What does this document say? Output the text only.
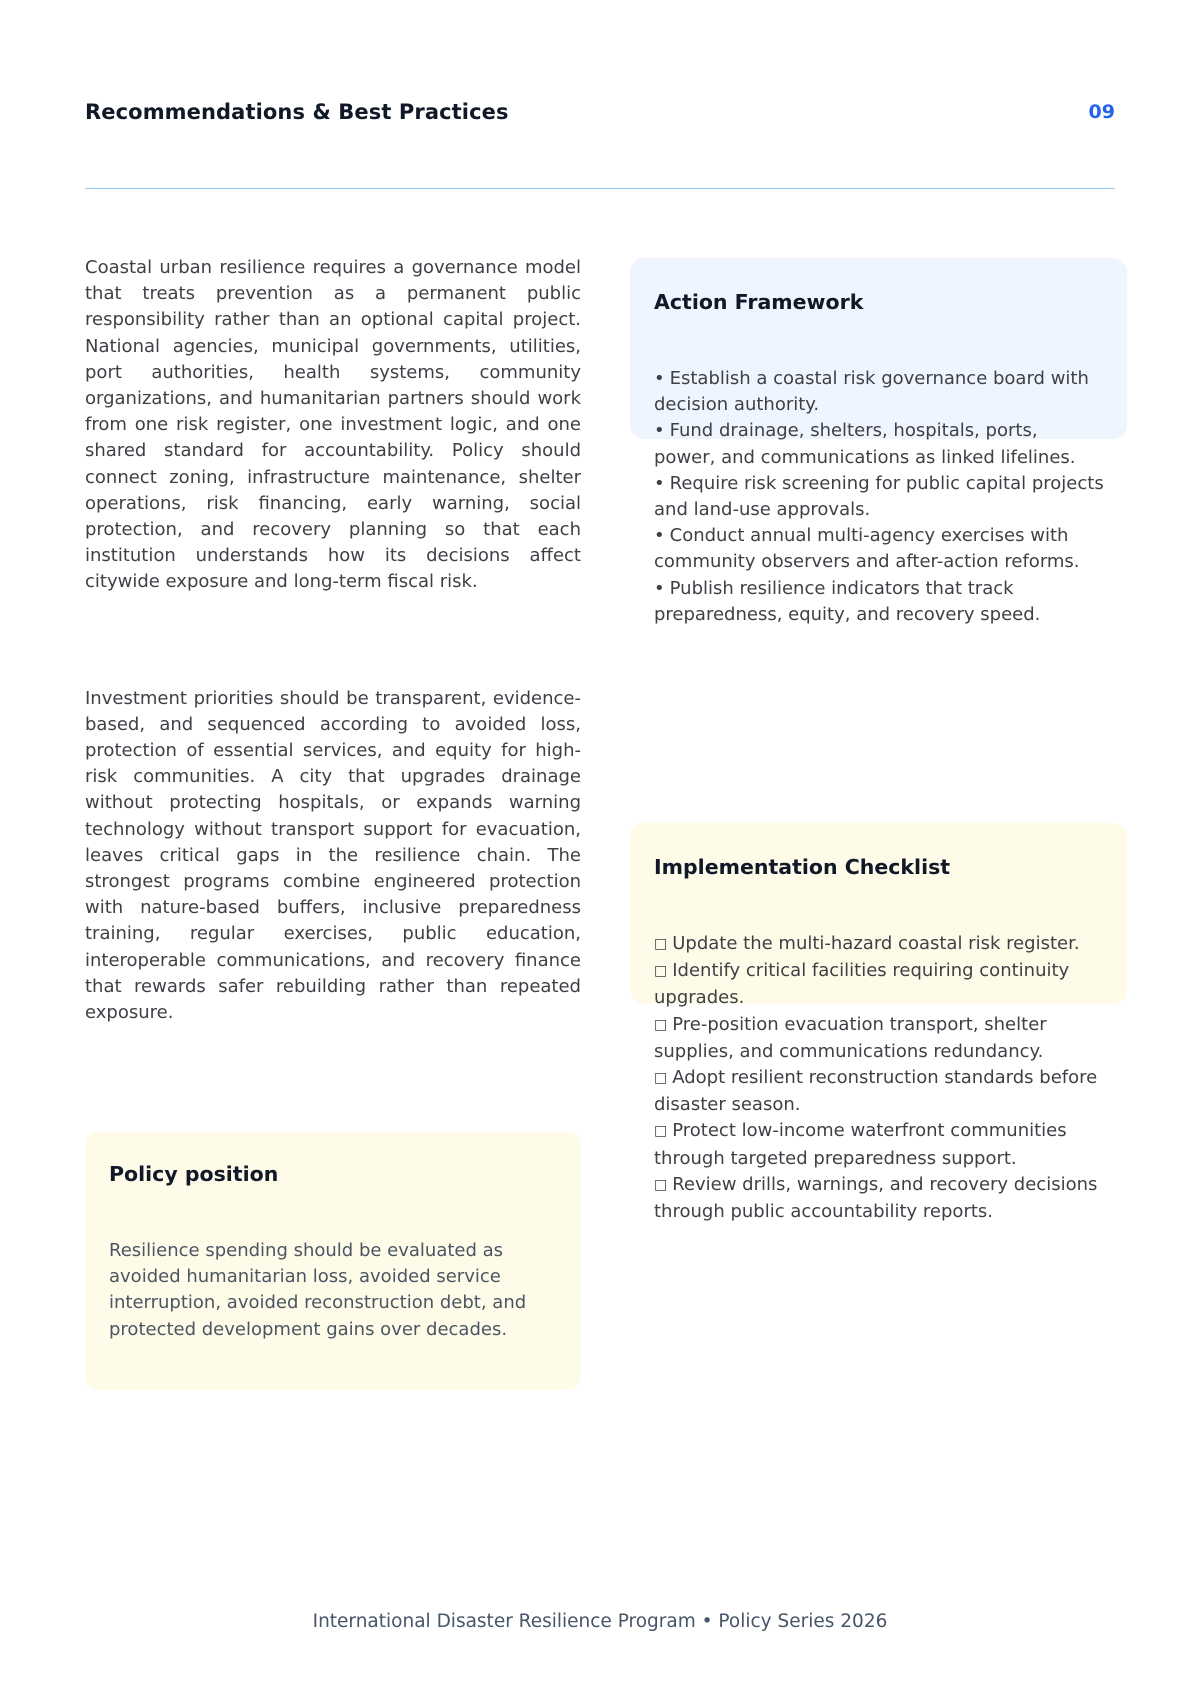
Recommendations & Best Practices	09

Coastal urban resilience requires a governance model that treats prevention as a permanent public responsibility rather than an optional capital project. National agencies, municipal governments, utilities, port authorities, health systems, community organizations, and humanitarian partners should work from one risk register, one investment logic, and one shared standard for accountability. Policy should connect zoning, infrastructure maintenance, shelter operations, risk financing, early warning, social protection, and recovery planning so that each institution understands how its decisions affect citywide exposure and long-term fiscal risk.

Investment priorities should be transparent, evidence-based, and sequenced according to avoided loss, protection of essential services, and equity for high-risk communities. A city that upgrades drainage without protecting hospitals, or expands warning technology without transport support for evacuation, leaves critical gaps in the resilience chain. The strongest programs combine engineered protection with nature-based buffers, inclusive preparedness training, regular exercises, public education, interoperable communications, and recovery finance that rewards safer rebuilding rather than repeated exposure.

Policy position

Resilience spending should be evaluated as avoided humanitarian loss, avoided service interruption, avoided reconstruction debt, and protected development gains over decades.

Action Framework
• Establish a coastal risk governance board with decision authority.
• Fund drainage, shelters, hospitals, ports, power, and communications as linked lifelines.
• Require risk screening for public capital projects and land-use approvals.
• Conduct annual multi-agency exercises with community observers and after-action reforms.
• Publish resilience indicators that track preparedness, equity, and recovery speed.
Implementation Checklist
□ Update the multi-hazard coastal risk register.
□ Identify critical facilities requiring continuity upgrades.
□ Pre-position evacuation transport, shelter supplies, and communications redundancy.
□ Adopt resilient reconstruction standards before disaster season.
□ Protect low-income waterfront communities through targeted preparedness support.
□ Review drills, warnings, and recovery decisions through public accountability reports.
International Disaster Resilience Program • Policy Series 2026
